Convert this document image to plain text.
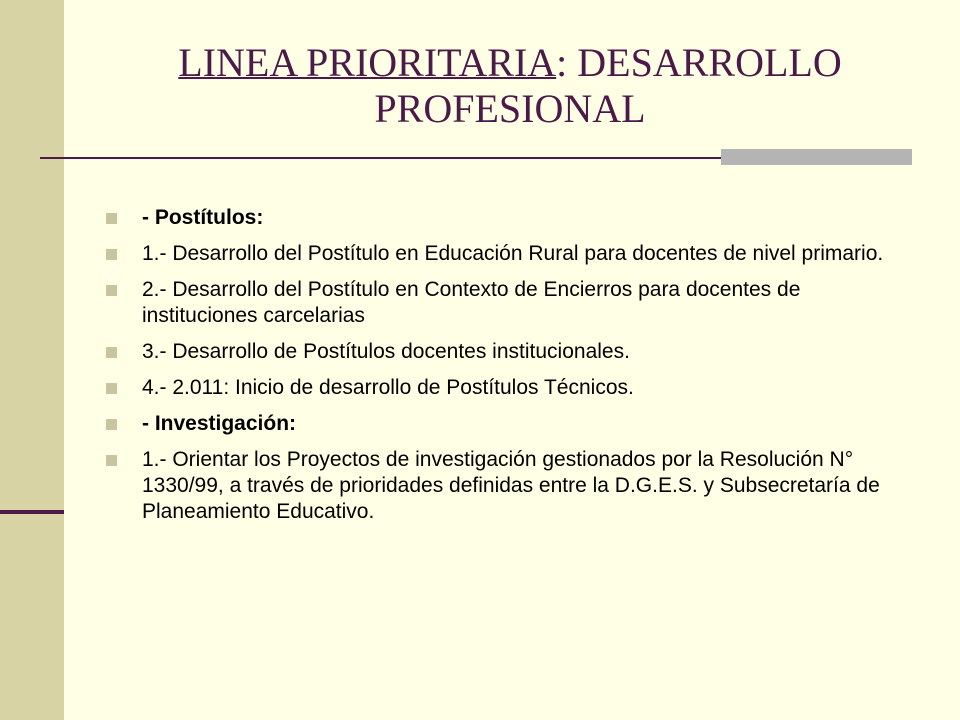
LINEA PRIORITARIA: DESARROLLO PROFESIONAL
- Postítulos:
1.- Desarrollo del Postítulo en Educación Rural para docentes de nivel primario.
2.- Desarrollo del Postítulo en Contexto de Encierros para docentes de instituciones carcelarias
3.- Desarrollo de Postítulos docentes institucionales.
4.- 2.011: Inicio de desarrollo de Postítulos Técnicos.
- Investigación:
1.- Orientar los Proyectos de investigación gestionados por la Resolución N° 1330/99, a través de prioridades definidas entre la D.G.E.S. y Subsecretaría de Planeamiento Educativo.
